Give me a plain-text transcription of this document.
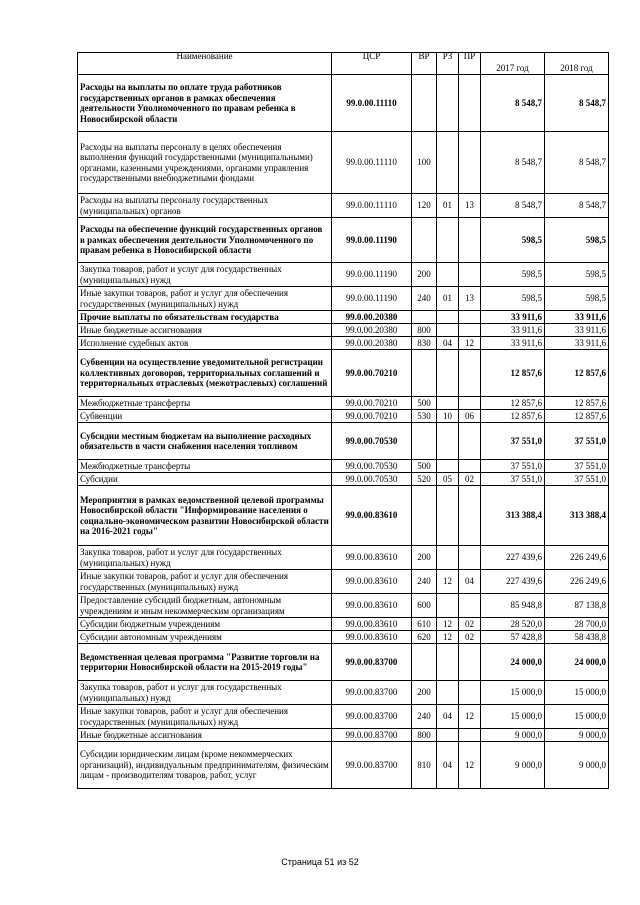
Наименование	ЦСР	ВР	РЗ	ПР	2017 год	2018 год
Расходы на выплаты по оплате труда работников государственных органов в рамках обеспечения деятельности Уполномоченного по правам ребенка в Новосибирской области	99.0.00.11110				8 548,7	8 548,7
Расходы на выплаты персоналу в целях обеспечения выполнения функций государственными (муниципальными) органами, казенными учреждениями, органами управления государственными внебюджетными фондами	99.0.00.11110	100			8 548,7	8 548,7
Расходы на выплаты персоналу государственных (муниципальных) органов	99.0.00.11110	120	01	13	8 548,7	8 548,7
Расходы на обеспечение функций государственных органов в рамках обеспечения деятельности Уполномоченного по правам ребенка в Новосибирской области	99.0.00.11190				598,5	598,5
Закупка товаров, работ и услуг для государственных (муниципальных) нужд	99.0.00.11190	200			598,5	598,5
Иные закупки товаров, работ и услуг для обеспечения государственных (муниципальных) нужд	99.0.00.11190	240	01	13	598,5	598,5
Прочие выплаты по обязательствам государства	99.0.00.20380				33 911,6	33 911,6
Иные бюджетные ассигнования	99.0.00.20380	800			33 911,6	33 911,6
Исполнение судебных актов	99.0.00.20380	830	04	12	33 911,6	33 911,6
Субвенции на осуществление уведомительной регистрации коллективных договоров, территориальных соглашений и территориальных отраслевых (межотраслевых) соглашений	99.0.00.70210				12 857,6	12 857,6
Межбюджетные трансферты	99.0.00.70210	500			12 857,6	12 857,6
Субвенции	99.0.00.70210	530	10	06	12 857,6	12 857,6
Субсидии местным бюджетам на выполнение расходных обязательств в части снабжения населения топливом	99.0.00.70530				37 551,0	37 551,0
Межбюджетные трансферты	99.0.00.70530	500			37 551,0	37 551,0
Субсидии	99.0.00.70530	520	05	02	37 551,0	37 551,0
Мероприятия в рамках ведомственной целевой программы Новосибирской области "Информирование населения о социально-экономическом развитии Новосибирской области на 2016-2021 годы"	99.0.00.83610				313 388,4	313 388,4
Закупка товаров, работ и услуг для государственных (муниципальных) нужд	99.0.00.83610	200			227 439,6	226 249,6
Иные закупки товаров, работ и услуг для обеспечения государственных (муниципальных) нужд	99.0.00.83610	240	12	04	227 439,6	226 249,6
Предоставление субсидий бюджетным, автономным учреждениям и иным некоммерческим организациям	99.0.00.83610	600			85 948,8	87 138,8
Субсидии бюджетным учреждениям	99.0.00.83610	610	12	02	28 520,0	28 700,0
Субсидии автономным учреждениям	99.0.00.83610	620	12	02	57 428,8	58 438,8
Ведомственная целевая программа "Развитие торговли на территории Новосибирской области на 2015-2019 годы"	99.0.00.83700				24 000,0	24 000,0
Закупка товаров, работ и услуг для государственных (муниципальных) нужд	99.0.00.83700	200			15 000,0	15 000,0
Иные закупки товаров, работ и услуг для обеспечения государственных (муниципальных) нужд	99.0.00.83700	240	04	12	15 000,0	15 000,0
Иные бюджетные ассигнования	99.0.00.83700	800			9 000,0	9 000,0
Субсидии юридическим лицам (кроме некоммерческих организаций), индивидуальным предпринимателям, физическим лицам - производителям товаров, работ, услуг	99.0.00.83700	810	04	12	9 000,0	9 000,0
Страница 51 из 52
